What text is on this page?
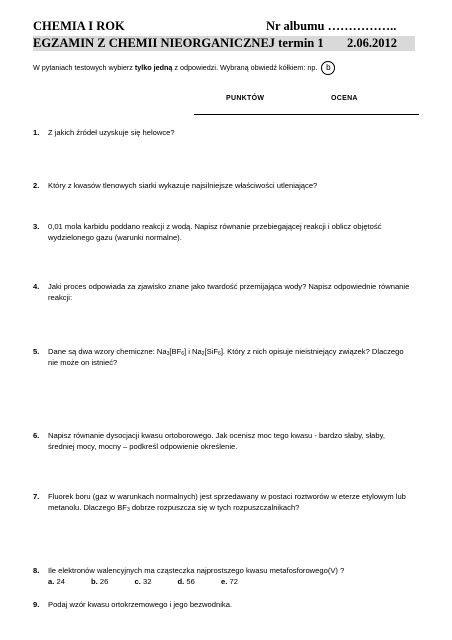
CHEMIA I ROK	Nr albumu ……………..
EGZAMIN Z CHEMII NIEORGANICZNEJ termin 1 2.06.2012
W pytaniach testowych wybierz tylko jedną z odpowiedzi. Wybraną obwiedź kółkiem: np. b
PUNKTÓW	OCENA
1. Z jakich źródeł uzyskuje się helowce?
2. Który z kwasów tlenowych siarki wykazuje najsilniejsze właściwości utleniające?
3. 0,01 mola karbidu poddano reakcji z wodą. Napisz równanie przebiegającej reakcji i oblicz objętość wydzielonego gazu (warunki normalne).
4. Jaki proces odpowiada za zjawisko znane jako twardość przemijająca wody? Napisz odpowiednie równanie reakcji:
5. Dane są dwa wzory chemiczne: $Na_3[BF_6]$ i $Na_2[SiF_6]$. Który z nich opisuje nieistniejący związek? Dlaczego nie może on istnieć?
6. Napisz równanie dysocjacji kwasu ortoborowego. Jak ocenisz moc tego kwasu - bardzo słaby, słaby, średniej mocy, mocny – podkreśl odpowienie określenie.
7. Fluorek boru (gaz w warunkach normalnych) jest sprzedawany w postaci roztworów w eterze etylowym lub metanolu. Dlaczego $BF_3$ dobrze rozpuszcza się w tych rozpuszczalnikach?
8. Ile elektronów walencyjnych ma cząsteczka najprostszego kwasu metafosforowego(V) ?
a. 24	b. 26	c. 32	d. 56	e. 72
9. Podaj wzór kwasu ortokrzemowego i jego bezwodnika.
